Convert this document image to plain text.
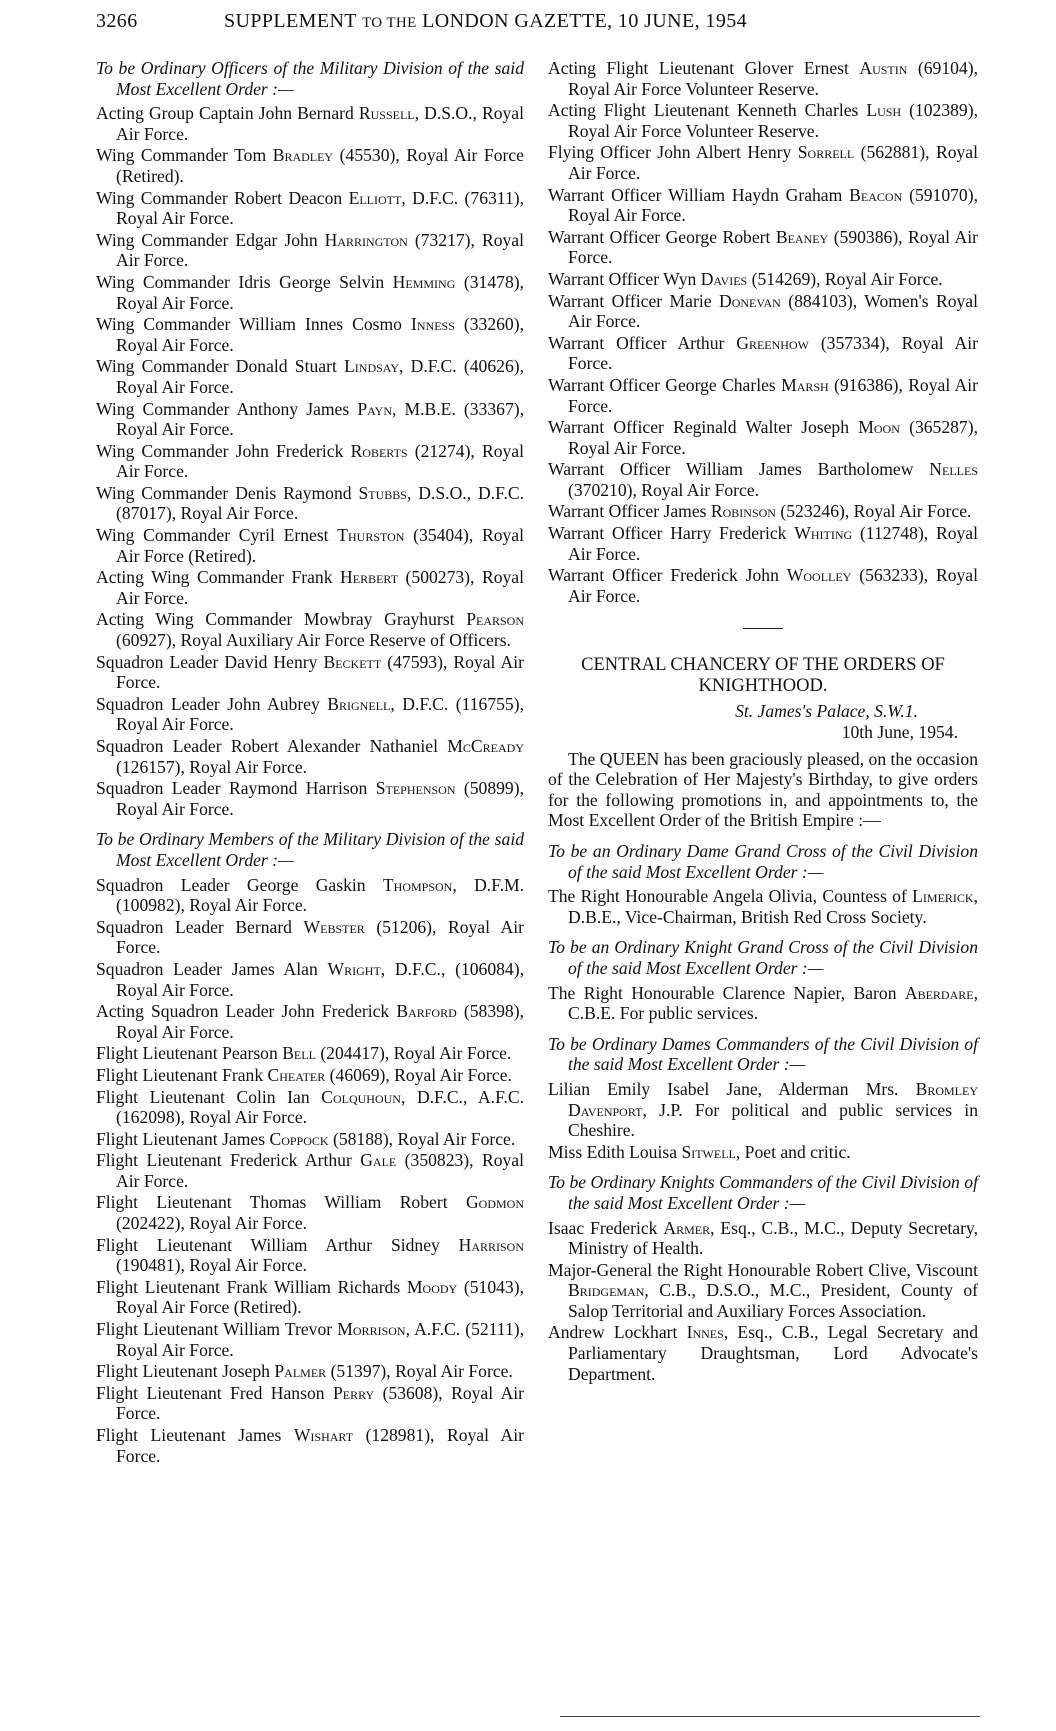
3266	SUPPLEMENT TO THE LONDON GAZETTE, 10 JUNE, 1954

To be Ordinary Officers of the Military Division of the said Most Excellent Order :—

Acting Group Captain John Bernard Russell, D.S.O., Royal Air Force.

Wing Commander Tom Bradley (45530), Royal Air Force (Retired).

Wing Commander Robert Deacon Elliott, D.F.C. (76311), Royal Air Force.

Wing Commander Edgar John Harrington (73217), Royal Air Force.

Wing Commander Idris George Selvin Hemming (31478), Royal Air Force.

Wing Commander William Innes Cosmo Inness (33260), Royal Air Force.

Wing Commander Donald Stuart Lindsay, D.F.C. (40626), Royal Air Force.

Wing Commander Anthony James Payn, M.B.E. (33367), Royal Air Force.

Wing Commander John Frederick Roberts (21274), Royal Air Force.

Wing Commander Denis Raymond Stubbs, D.S.O., D.F.C. (87017), Royal Air Force.

Wing Commander Cyril Ernest Thurston (35404), Royal Air Force (Retired).

Acting Wing Commander Frank Herbert (500273), Royal Air Force.

Acting Wing Commander Mowbray Grayhurst Pearson (60927), Royal Auxiliary Air Force Reserve of Officers.

Squadron Leader David Henry Beckett (47593), Royal Air Force.

Squadron Leader John Aubrey Brignell, D.F.C. (116755), Royal Air Force.

Squadron Leader Robert Alexander Nathaniel McCready (126157), Royal Air Force.

Squadron Leader Raymond Harrison Stephenson (50899), Royal Air Force.

To be Ordinary Members of the Military Division of the said Most Excellent Order :—

Squadron Leader George Gaskin Thompson, D.F.M. (100982), Royal Air Force.

Squadron Leader Bernard Webster (51206), Royal Air Force.

Squadron Leader James Alan Wright, D.F.C., (106084), Royal Air Force.

Acting Squadron Leader John Frederick Barford (58398), Royal Air Force.

Flight Lieutenant Pearson Bell (204417), Royal Air Force.

Flight Lieutenant Frank Cheater (46069), Royal Air Force.

Flight Lieutenant Colin Ian Colquhoun, D.F.C., A.F.C. (162098), Royal Air Force.

Flight Lieutenant James Coppock (58188), Royal Air Force.

Flight Lieutenant Frederick Arthur Gale (350823), Royal Air Force.

Flight Lieutenant Thomas William Robert Godmon (202422), Royal Air Force.

Flight Lieutenant William Arthur Sidney Harrison (190481), Royal Air Force.

Flight Lieutenant Frank William Richards Moody (51043), Royal Air Force (Retired).

Flight Lieutenant William Trevor Morrison, A.F.C. (52111), Royal Air Force.

Flight Lieutenant Joseph Palmer (51397), Royal Air Force.

Flight Lieutenant Fred Hanson Perry (53608), Royal Air Force.

Flight Lieutenant James Wishart (128981), Royal Air Force.

Acting Flight Lieutenant Glover Ernest Austin (69104), Royal Air Force Volunteer Reserve.

Acting Flight Lieutenant Kenneth Charles Lush (102389), Royal Air Force Volunteer Reserve.

Flying Officer John Albert Henry Sorrell (562881), Royal Air Force.

Warrant Officer William Haydn Graham Beacon (591070), Royal Air Force.

Warrant Officer George Robert Beaney (590386), Royal Air Force.

Warrant Officer Wyn Davies (514269), Royal Air Force.

Warrant Officer Marie Donevan (884103), Women's Royal Air Force.

Warrant Officer Arthur Greenhow (357334), Royal Air Force.

Warrant Officer George Charles Marsh (916386), Royal Air Force.

Warrant Officer Reginald Walter Joseph Moon (365287), Royal Air Force.

Warrant Officer William James Bartholomew Nelles (370210), Royal Air Force.

Warrant Officer James Robinson (523246), Royal Air Force.

Warrant Officer Harry Frederick Whiting (112748), Royal Air Force.

Warrant Officer Frederick John Woolley (563233), Royal Air Force.

CENTRAL CHANCERY OF THE ORDERS OF KNIGHTHOOD.

St. James's Palace, S.W.1.

10th June, 1954.

The QUEEN has been graciously pleased, on the occasion of the Celebration of Her Majesty's Birthday, to give orders for the following promotions in, and appointments to, the Most Excellent Order of the British Empire :—

To be an Ordinary Dame Grand Cross of the Civil Division of the said Most Excellent Order :—

The Right Honourable Angela Olivia, Countess of Limerick, D.B.E., Vice-Chairman, British Red Cross Society.

To be an Ordinary Knight Grand Cross of the Civil Division of the said Most Excellent Order :—

The Right Honourable Clarence Napier, Baron Aberdare, C.B.E. For public services.

To be Ordinary Dames Commanders of the Civil Division of the said Most Excellent Order :—

Lilian Emily Isabel Jane, Alderman Mrs. Bromley Davenport, J.P. For political and public services in Cheshire.

Miss Edith Louisa Sitwell, Poet and critic.

To be Ordinary Knights Commanders of the Civil Division of the said Most Excellent Order :—

Isaac Frederick Armer, Esq., C.B., M.C., Deputy Secretary, Ministry of Health.

Major-General the Right Honourable Robert Clive, Viscount Bridgeman, C.B., D.S.O., M.C., President, County of Salop Territorial and Auxiliary Forces Association.

Andrew Lockhart Innes, Esq., C.B., Legal Secretary and Parliamentary Draughtsman, Lord Advocate's Department.
